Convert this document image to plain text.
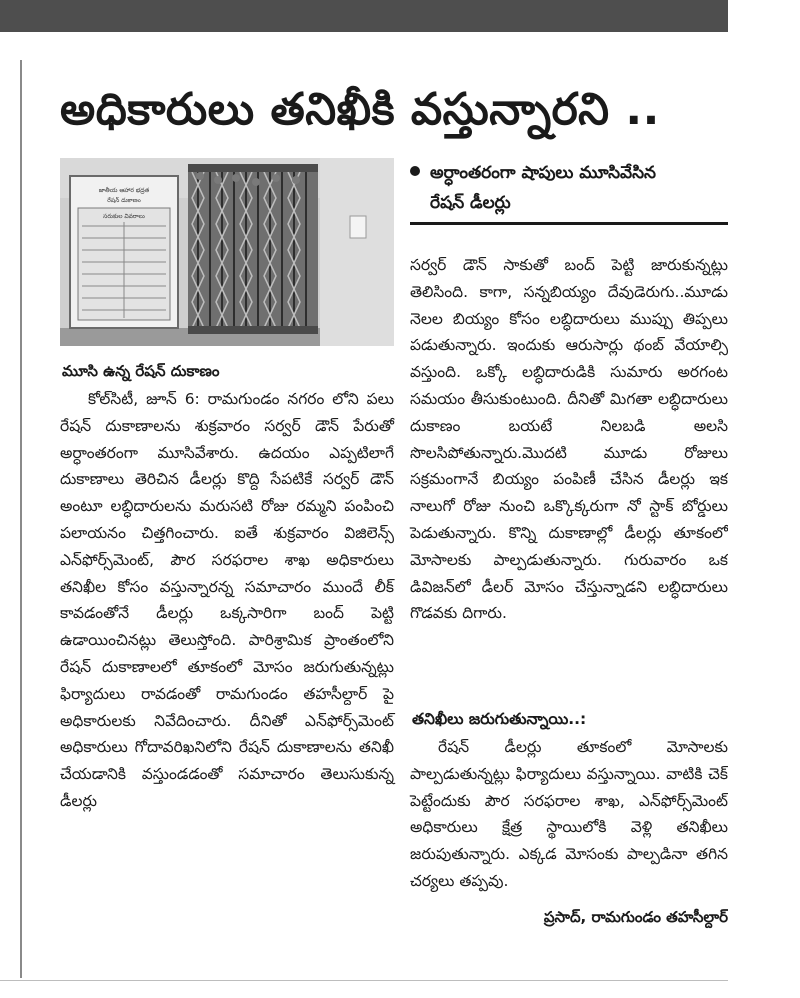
అధికారులు తనిఖీకి వస్తున్నారని ..
జాతీయ ఆహార భద్రత
రేషన్‌ దుకాణం
సరుకుల వివరాలు
మూసి ఉన్న రేషన్‌ దుకాణం
అర్ధాంతరంగా షాపులు మూసివేసిన
రేషన్‌ డీలర్లు

కోల్‌సిటీ, జూన్‌ 6: రామగుండం నగరం లోని పలు రేషన్‌ దుకాణాలను శుక్రవారం సర్వర్‌ డౌన్‌ పేరుతో అర్ధాంతరంగా మూసివేశారు. ఉదయం ఎప్పటిలాగే దుకాణాలు తెరిచిన డీలర్లు కొద్ది సేపటికే సర్వర్‌ డౌన్‌ అంటూ లబ్ధిదారులను మరుసటి రోజు రమ్మని పంపించి పలాయనం చిత్తగించారు. ఐతే శుక్రవారం విజిలెన్స్‌ ఎన్‌ఫోర్స్‌మెంట్‌, పౌర సరఫరాల శాఖ అధికారులు తనిఖీల కోసం వస్తున్నారన్న సమాచారం ముందే లీక్‌ కావడంతోనే డీలర్లు ఒక్కసారిగా బంద్‌ పెట్టి ఉడాయించినట్లు తెలుస్తోంది. పారిశ్రామిక ప్రాంతంలోని రేషన్‌ దుకాణాలలో తూకంలో మోసం జరుగుతున్నట్లు ఫిర్యాదులు రావడంతో రామగుండం తహసీల్దార్‌ పై అధికారులకు నివేదించారు. దీనితో ఎన్‌ఫోర్స్‌మెంట్‌ అధికారులు గోదావరిఖనిలోని రేషన్‌ దుకాణాలను తనిఖీ చేయడానికి వస్తుండడంతో సమాచారం తెలుసుకున్న డీలర్లు

సర్వర్‌ డౌన్‌ సాకుతో బంద్‌ పెట్టి జారుకున్నట్లు తెలిసింది. కాగా, సన్నబియ్యం దేవుడెరుగు..మూడు నెలల బియ్యం కోసం లబ్ధిదారులు ముప్పు తిప్పలు పడుతున్నారు. ఇందుకు ఆరుసార్లు థంబ్‌ వేయాల్సి వస్తుంది. ఒక్కో లబ్ధిదారుడికి సుమారు అరగంట సమయం తీసుకుంటుంది. దీనితో మిగతా లబ్ధిదారులు దుకాణం బయటే నిలబడి అలసి సొలసిపోతున్నారు.మొదటి మూడు రోజులు సక్రమంగానే బియ్యం పంపిణీ చేసిన డీలర్లు ఇక నాలుగో రోజు నుంచి ఒక్కొక్కరుగా నో స్టాక్‌ బోర్డులు పెడుతున్నారు. కొన్ని దుకాణాల్లో డీలర్లు తూకంలో మోసాలకు పాల్పడుతున్నారు. గురువారం ఒక డివిజన్‌లో డీలర్‌ మోసం చేస్తున్నాడని లబ్ధిదారులు గొడవకు దిగారు.

తనిఖీలు జరుగుతున్నాయి..:

రేషన్‌ డీలర్లు తూకంలో మోసాలకు పాల్పడుతున్నట్లు ఫిర్యాదులు వస్తున్నాయి. వాటికి చెక్‌ పెట్టేందుకు పౌర సరఫరాల శాఖ, ఎన్‌ఫోర్స్‌మెంట్‌ అధికారులు క్షేత్ర స్థాయిలోకి వెళ్లి తనిఖీలు జరుపుతున్నారు. ఎక్కడ మోసంకు పాల్పడినా తగిన చర్యలు తప్పవు.

ప్రసాద్‌, రామగుండం తహసీల్దార్‌
